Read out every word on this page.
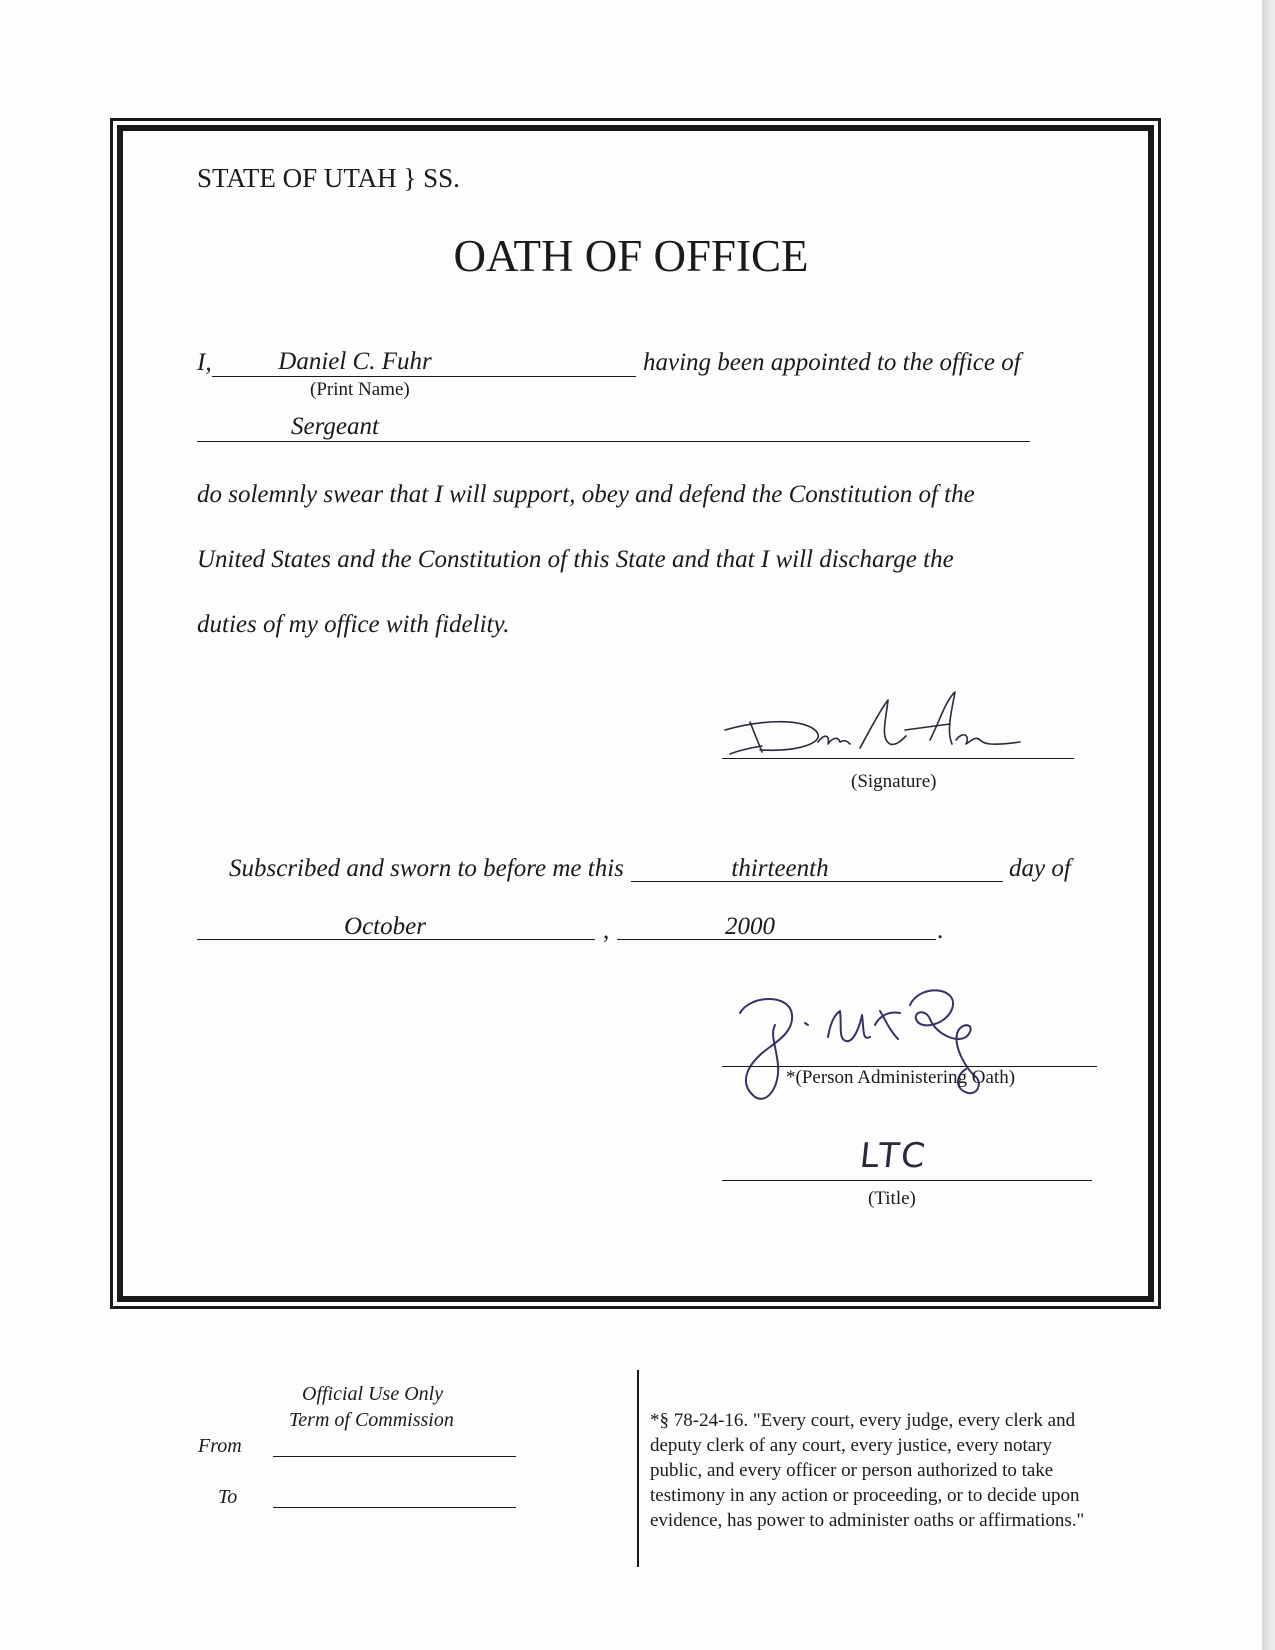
STATE OF UTAH } SS.
OATH OF OFFICE
I,	Daniel C. Fuhr	having been appointed to the office of
(Print Name)
Sergeant
do solemnly swear that I will support, obey and defend the Constitution of the
United States and the Constitution of this State and that I will discharge the
duties of my office with fidelity.
(Signature)
Subscribed and sworn to before me this	thirteenth	day of
October	,	2000	.
*(Person Administering Oath)
LTC
(Title)
Official Use Only
Term of Commission
From
To
*§ 78-24-16. "Every court, every judge, every clerk and
deputy clerk of any court, every justice, every notary
public, and every officer or person authorized to take
testimony in any action or proceeding, or to decide upon
evidence, has power to administer oaths or affirmations."
